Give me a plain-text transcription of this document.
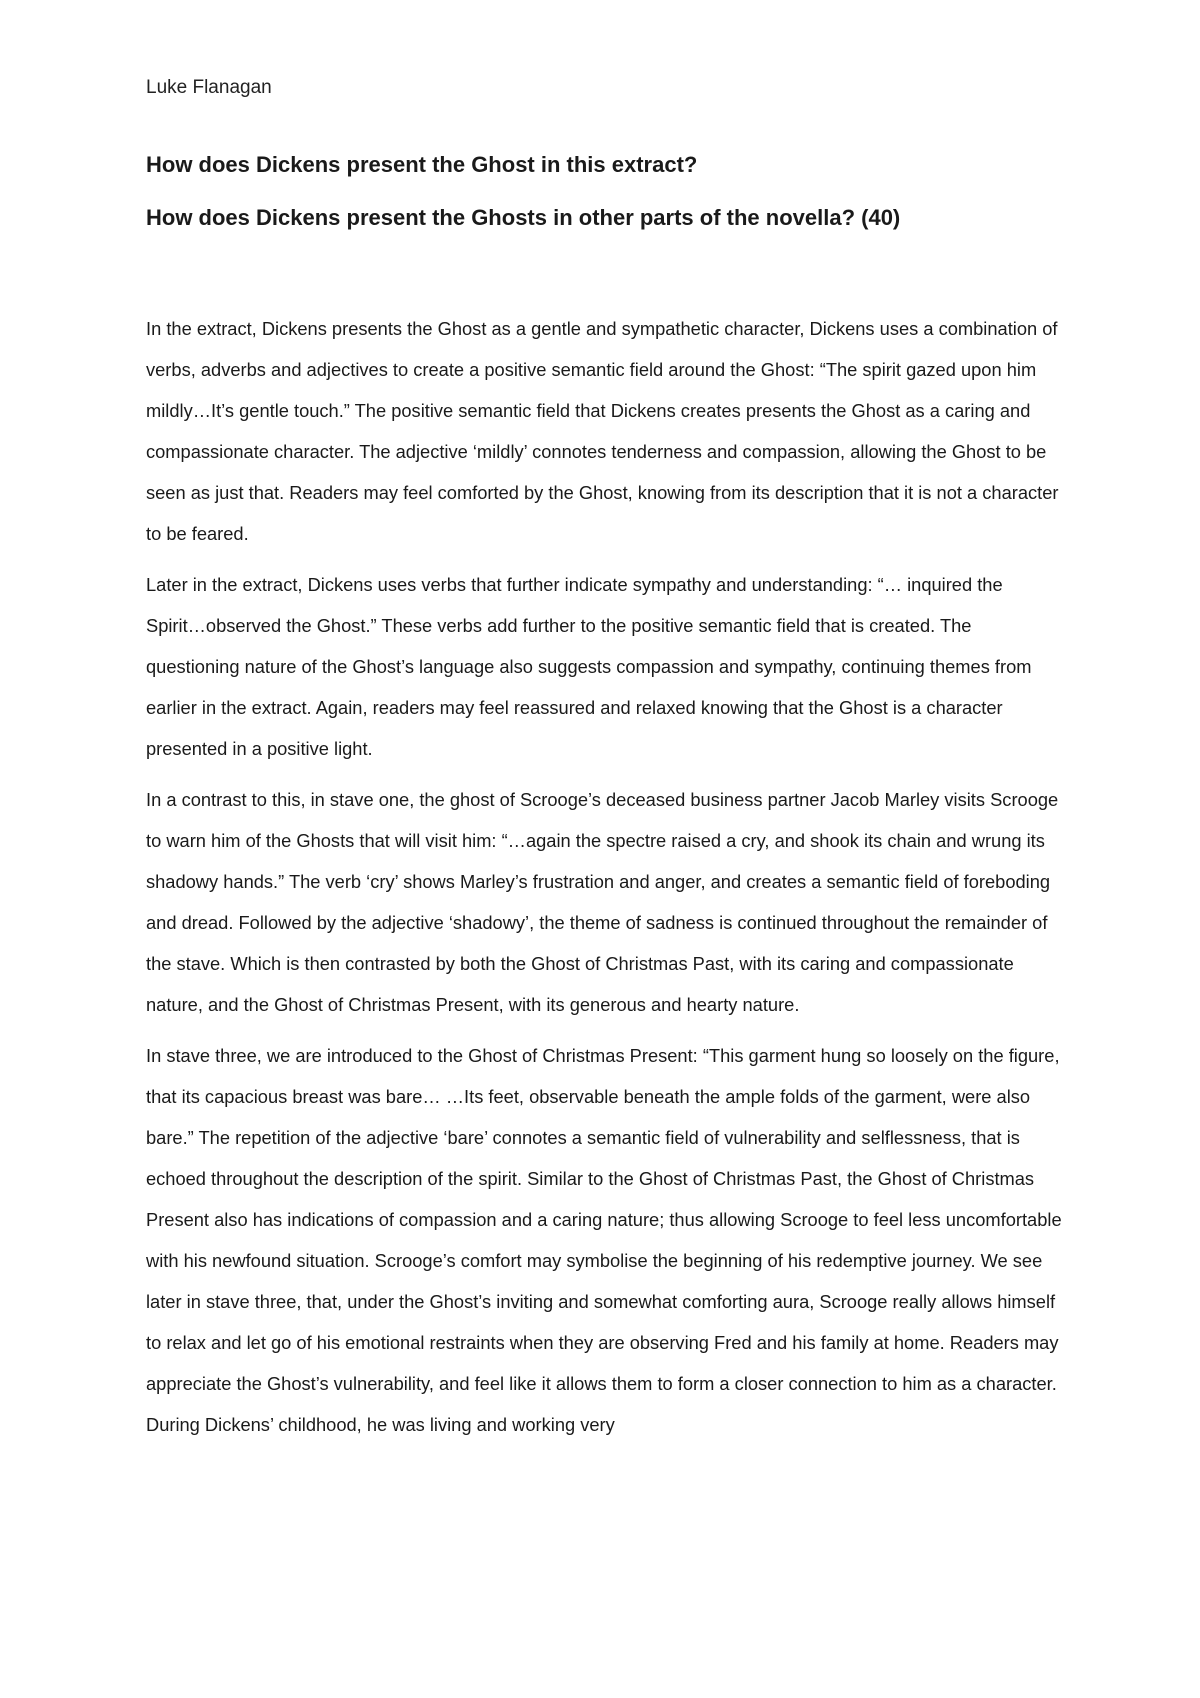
Luke Flanagan
How does Dickens present the Ghost in this extract?
How does Dickens present the Ghosts in other parts of the novella? (40)

In the extract, Dickens presents the Ghost as a gentle and sympathetic character, Dickens uses a combination of verbs, adverbs and adjectives to create a positive semantic field around the Ghost: “The spirit gazed upon him mildly…It’s gentle touch.” The positive semantic field that Dickens creates presents the Ghost as a caring and compassionate character. The adjective ‘mildly’ connotes tenderness and compassion, allowing the Ghost to be seen as just that. Readers may feel comforted by the Ghost, knowing from its description that it is not a character to be feared.

Later in the extract, Dickens uses verbs that further indicate sympathy and understanding: “… inquired the Spirit…observed the Ghost.” These verbs add further to the positive semantic field that is created. The questioning nature of the Ghost’s language also suggests compassion and sympathy, continuing themes from earlier in the extract. Again, readers may feel reassured and relaxed knowing that the Ghost is a character presented in a positive light.

In a contrast to this, in stave one, the ghost of Scrooge’s deceased business partner Jacob Marley visits Scrooge to warn him of the Ghosts that will visit him: “…again the spectre raised a cry, and shook its chain and wrung its shadowy hands.” The verb ‘cry’ shows Marley’s frustration and anger, and creates a semantic field of foreboding and dread. Followed by the adjective ‘shadowy’, the theme of sadness is continued throughout the remainder of the stave. Which is then contrasted by both the Ghost of Christmas Past, with its caring and compassionate nature, and the Ghost of Christmas Present, with its generous and hearty nature.

In stave three, we are introduced to the Ghost of Christmas Present: “This garment hung so loosely on the figure, that its capacious breast was bare… …Its feet, observable beneath the ample folds of the garment, were also bare.” The repetition of the adjective ‘bare’ connotes a semantic field of vulnerability and selflessness, that is echoed throughout the description of the spirit. Similar to the Ghost of Christmas Past, the Ghost of Christmas Present also has indications of compassion and a caring nature; thus allowing Scrooge to feel less uncomfortable with his newfound situation. Scrooge’s comfort may symbolise the beginning of his redemptive journey. We see later in stave three, that, under the Ghost’s inviting and somewhat comforting aura, Scrooge really allows himself to relax and let go of his emotional restraints when they are observing Fred and his family at home. Readers may appreciate the Ghost’s vulnerability, and feel like it allows them to form a closer connection to him as a character. During Dickens’ childhood, he was living and working very
